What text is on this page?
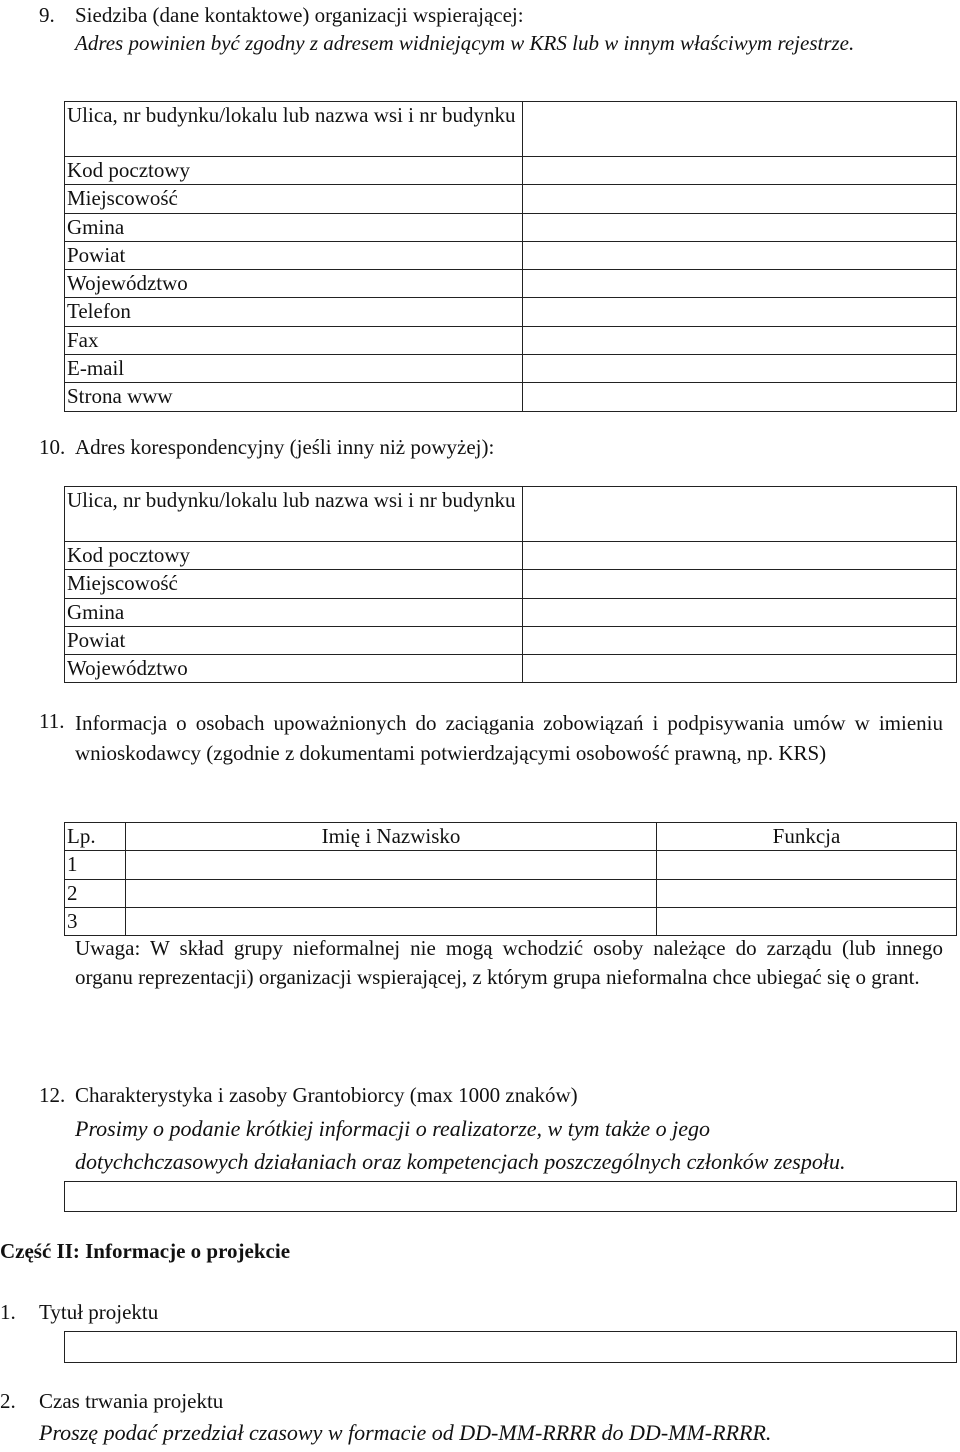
9. Siedziba (dane kontaktowe) organizacji wspierającej:
Adres powinien być zgodny z adresem widniejącym w KRS lub w innym właściwym rejestrze.
Ulica, nr budynku/lokalu lub nazwa wsi i nr budynku	
Kod pocztowy	
Miejscowość	
Gmina	
Powiat	
Województwo	
Telefon	
Fax	
E-mail	
Strona www	
10. Adres korespondencyjny (jeśli inny niż powyżej):
Ulica, nr budynku/lokalu lub nazwa wsi i nr budynku	
Kod pocztowy	
Miejscowość	
Gmina	
Powiat	
Województwo	
11. Informacja o osobach upoważnionych do zaciągania zobowiązań i podpisywania umów w imieniu wnioskodawcy (zgodnie z dokumentami potwierdzającymi osobowość prawną, np. KRS)
Lp.	Imię i Nazwisko	Funkcja
1		
2		
3		
Uwaga: W skład grupy nieformalnej nie mogą wchodzić osoby należące do zarządu (lub innego organu reprezentacji) organizacji wspierającej, z którym grupa nieformalna chce ubiegać się o grant.
12. Charakterystyka i zasoby Grantobiorcy (max 1000 znaków)
Prosimy o podanie krótkiej informacji o realizatorze, w tym także o jego
dotychchczasowych działaniach oraz kompetencjach poszczególnych członków zespołu.
Część II: Informacje o projekcie
1. Tytuł projektu
2. Czas trwania projektu
Proszę podać przedział czasowy w formacie od DD-MM-RRRR do DD-MM-RRRR.
